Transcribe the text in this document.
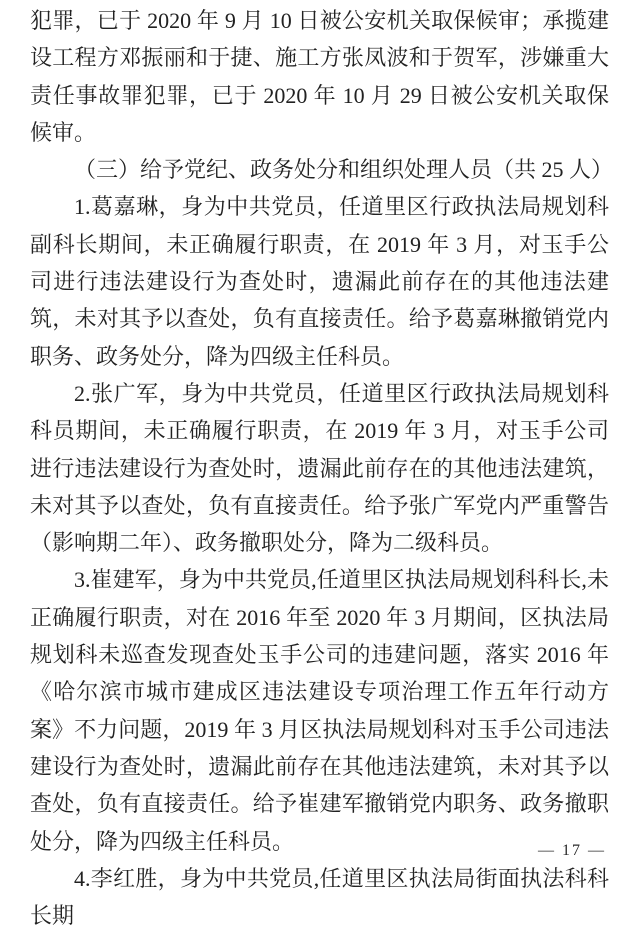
犯罪，已于 2020 年 9 月 10 日被公安机关取保候审；承揽建设工程方邓振丽和于捷、施工方张凤波和于贺军，涉嫌重大责任事故罪犯罪，已于 2020 年 10 月 29 日被公安机关取保候审。

（三）给予党纪、政务处分和组织处理人员（共 25 人）

1.葛嘉琳，身为中共党员，任道里区行政执法局规划科副科长期间，未正确履行职责，在 2019 年 3 月，对玉手公司进行违法建设行为查处时，遗漏此前存在的其他违法建筑，未对其予以查处，负有直接责任。给予葛嘉琳撤销党内职务、政务处分，降为四级主任科员。

2.张广军，身为中共党员，任道里区行政执法局规划科科员期间，未正确履行职责，在 2019 年 3 月，对玉手公司进行违法建设行为查处时，遗漏此前存在的其他违法建筑，未对其予以查处，负有直接责任。给予张广军党内严重警告（影响期二年）、政务撤职处分，降为二级科员。

3.崔建军，身为中共党员,任道里区执法局规划科科长,未正确履行职责，对在 2016 年至 2020 年 3 月期间，区执法局规划科未巡查发现查处玉手公司的违建问题，落实 2016 年《哈尔滨市城市建成区违法建设专项治理工作五年行动方案》不力问题，2019 年 3 月区执法局规划科对玉手公司违法建设行为查处时，遗漏此前存在其他违法建筑，未对其予以查处，负有直接责任。给予崔建军撤销党内职务、政务撤职处分，降为四级主任科员。

4.李红胜，身为中共党员,任道里区执法局街面执法科科长期

— 17 —
